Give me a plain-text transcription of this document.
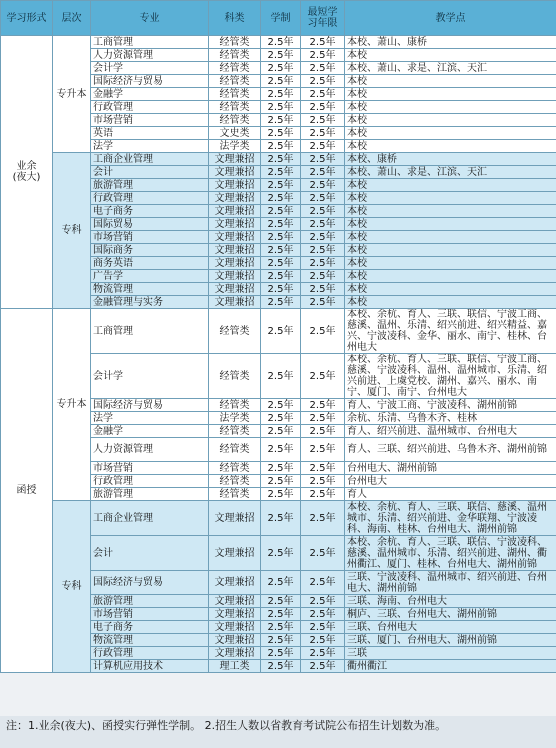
学习形式	层次	专业	科类	学制	最短学习年限	教学点
业余
(夜大)	专升本	工商管理	经管类	2.5年	2.5年	本校、萧山、康桥
		人力资源管理	经管类	2.5年	2.5年	本校
		会计学	经管类	2.5年	2.5年	本校、萧山、求是、江滨、天汇
		国际经济与贸易	经管类	2.5年	2.5年	本校
		金融学	经管类	2.5年	2.5年	本校
		行政管理	经管类	2.5年	2.5年	本校
		市场营销	经管类	2.5年	2.5年	本校
		英语	文史类	2.5年	2.5年	本校
		法学	法学类	2.5年	2.5年	本校
	专科	工商企业管理	文理兼招	2.5年	2.5年	本校、康桥
		会计	文理兼招	2.5年	2.5年	本校、萧山、求是、江滨、天汇
		旅游管理	文理兼招	2.5年	2.5年	本校
		行政管理	文理兼招	2.5年	2.5年	本校
		电子商务	文理兼招	2.5年	2.5年	本校
		国际贸易	文理兼招	2.5年	2.5年	本校
		市场营销	文理兼招	2.5年	2.5年	本校
		国际商务	文理兼招	2.5年	2.5年	本校
		商务英语	文理兼招	2.5年	2.5年	本校
		广告学	文理兼招	2.5年	2.5年	本校
		物流管理	文理兼招	2.5年	2.5年	本校
		金融管理与实务	文理兼招	2.5年	2.5年	本校
函授	专升本	工商管理	经管类	2.5年	2.5年	本校、余杭、育人、三联、联信、宁波工商、慈溪、温州、乐清、绍兴前进、绍兴精益、嘉兴、宁波凌科、金华、丽水、南宁、桂林、台州电大
		会计学	经管类	2.5年	2.5年	本校、余杭、育人、三联、联信、宁波工商、慈溪、宁波凌科、温州、温州城市、乐清、绍兴前进、上虞党校、湖州、嘉兴、丽水、南宁、厦门、南宁、台州电大
		国际经济与贸易	经管类	2.5年	2.5年	育人、宁波工商、宁波凌科、湖州前锦
		法学	法学类	2.5年	2.5年	余杭、乐清、乌鲁木齐、桂林
		金融学	经管类	2.5年	2.5年	育人、绍兴前进、温州城市、台州电大
		人力资源管理	经管类	2.5年	2.5年	育人、三联、绍兴前进、乌鲁木齐、湖州前锦
		市场营销	经管类	2.5年	2.5年	台州电大、湖州前锦
		行政管理	经管类	2.5年	2.5年	台州电大
		旅游管理	经管类	2.5年	2.5年	育人
	专科	工商企业管理	文理兼招	2.5年	2.5年	本校、余杭、育人、三联、联信、慈溪、温州城市、乐清、绍兴前进、金华联翔、宁波凌科、海南、桂林、台州电大、湖州前锦
		会计	文理兼招	2.5年	2.5年	本校、余杭、育人、三联、联信、宁波凌科、慈溪、温州城市、乐清、绍兴前进、湖州、衢州衢江、厦门、桂林、台州电大、湖州前锦
		国际经济与贸易	文理兼招	2.5年	2.5年	三联、宁波凌科、温州城市、绍兴前进、台州电大、湖州前锦
		旅游管理	文理兼招	2.5年	2.5年	三联、海南、台州电大
		市场营销	文理兼招	2.5年	2.5年	桐庐、三联、台州电大、湖州前锦
		电子商务	文理兼招	2.5年	2.5年	三联、台州电大
		物流管理	文理兼招	2.5年	2.5年	三联、厦门、台州电大、湖州前锦
		行政管理	文理兼招	2.5年	2.5年	三联
		计算机应用技术	理工类	2.5年	2.5年	衢州衢江
注：1.业余(夜大)、函授实行弹性学制。 2.招生人数以省教育考试院公布招生计划数为准。
